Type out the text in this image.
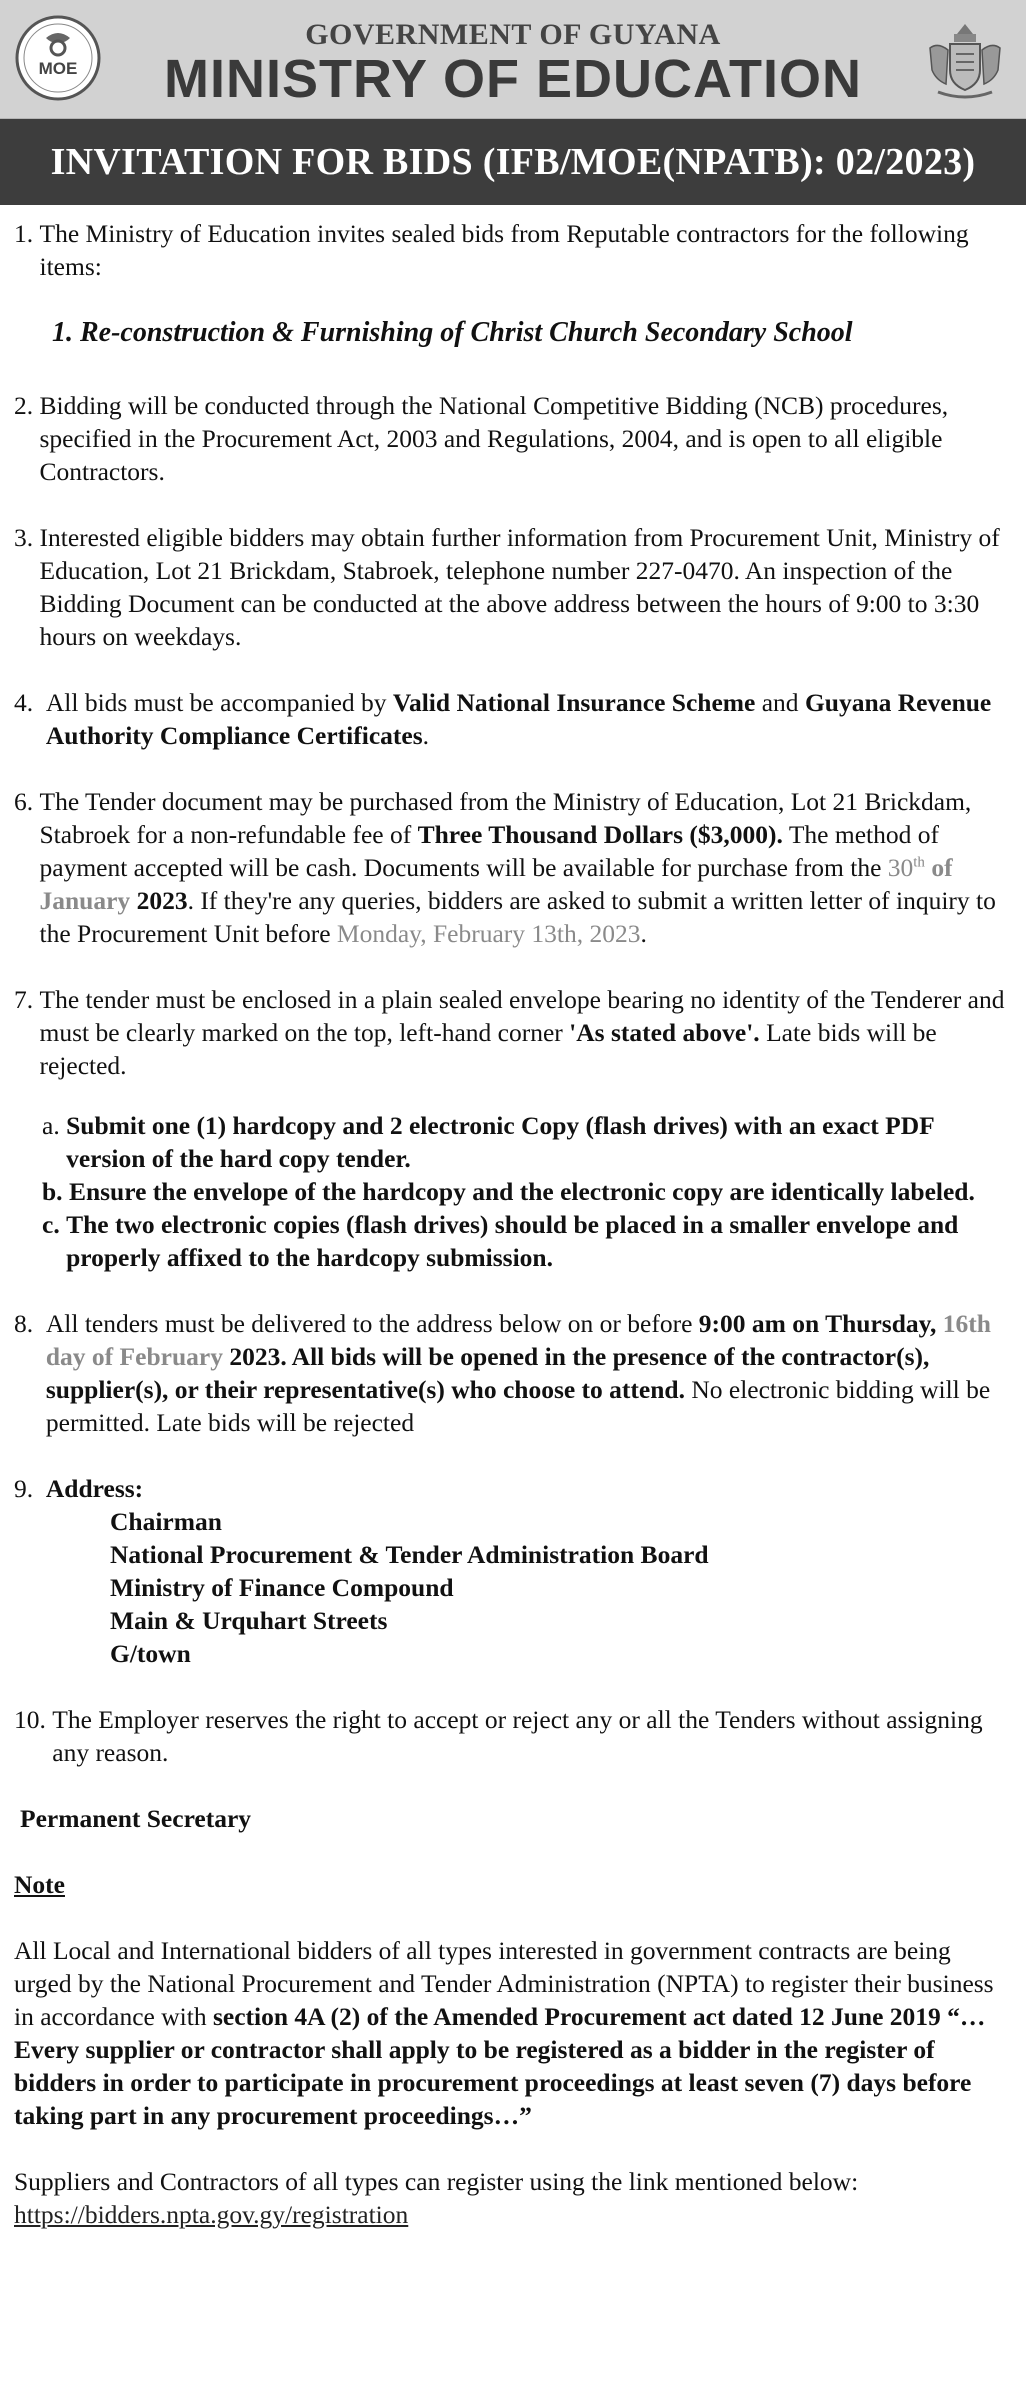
MOE
GOVERNMENT OF GUYANA
MINISTRY OF EDUCATION
INVITATION FOR BIDS (IFB/MOE(NPATB): 02/2023)
1. The Ministry of Education invites sealed bids from Reputable contractors for the following items:
1. Re-construction & Furnishing of Christ Church Secondary School
2. Bidding will be conducted through the National Competitive Bidding (NCB) procedures, specified in the Procurement Act, 2003 and Regulations, 2004, and is open to all eligible Contractors.
3. Interested eligible bidders may obtain further information from Procurement Unit, Ministry of Education, Lot 21 Brickdam, Stabroek, telephone number 227-0470. An inspection of the Bidding Document can be conducted at the above address between the hours of 9:00 to 3:30 hours on weekdays.
4. All bids must be accompanied by Valid National Insurance Scheme and Guyana Revenue Authority Compliance Certificates.
6. The Tender document may be purchased from the Ministry of Education, Lot 21 Brickdam, Stabroek for a non-refundable fee of Three Thousand Dollars ($3,000). The method of payment accepted will be cash. Documents will be available for purchase from the 30th of January 2023. If they're any queries, bidders are asked to submit a written letter of inquiry to the Procurement Unit before Monday, February 13th, 2023.
7. The tender must be enclosed in a plain sealed envelope bearing no identity of the Tenderer and must be clearly marked on the top, left-hand corner 'As stated above'. Late bids will be rejected.
a. Submit one (1) hardcopy and 2 electronic Copy (flash drives) with an exact PDF version of the hard copy tender.
b. Ensure the envelope of the hardcopy and the electronic copy are identically labeled.
c. The two electronic copies (flash drives) should be placed in a smaller envelope and properly affixed to the hardcopy submission.
8. All tenders must be delivered to the address below on or before 9:00 am on Thursday, 16th day of February 2023. All bids will be opened in the presence of the contractor(s), supplier(s), or their representative(s) who choose to attend. No electronic bidding will be permitted. Late bids will be rejected
9. Address:
Chairman
National Procurement & Tender Administration Board
Ministry of Finance Compound
Main & Urquhart Streets
G/town
10. The Employer reserves the right to accept or reject any or all the Tenders without assigning any reason.
Permanent Secretary
Note
All Local and International bidders of all types interested in government contracts are being urged by the National Procurement and Tender Administration (NPTA) to register their business in accordance with section 4A (2) of the Amended Procurement act dated 12 June 2019 “…Every supplier or contractor shall apply to be registered as a bidder in the register of bidders in order to participate in procurement proceedings at least seven (7) days before taking part in any procurement proceedings…”
Suppliers and Contractors of all types can register using the link mentioned below:
https://bidders.npta.gov.gy/registration
